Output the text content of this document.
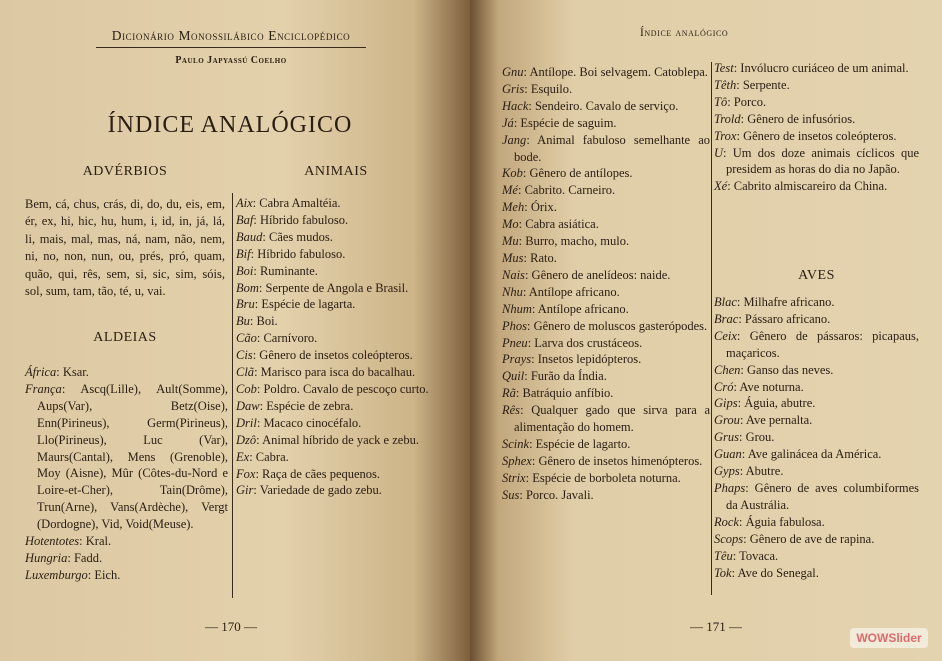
Dicionário Monossilábico Enciclopédico
Paulo Japyassú Coelho
ÍNDICE ANALÓGICO
ADVÉRBIOS
Bem, cá, chus, crás, di, do, du, eis, em, ér, ex, hi, hic, hu, hum, i, id, in, já, lá, li, mais, mal, mas, ná, nam, não, nem, ni, no, non, nun, ou, prés, pró, quam, quão, qui, rês, sem, si, sic, sim, sóis, sol, sum, tam, tão, té, u, vai.
ALDEIAS
África: Ksar.
França: Ascq(Lille), Ault(Somme), Aups(Var), Betz(Oise), Enn(Pirineus), Germ(Pirineus), Llo(Pirineus), Luc (Var), Maurs(Cantal), Mens (Grenoble), Moy (Aisne), Mûr (Côtes-du-Nord e Loire-et-Cher), Tain(Drôme), Trun(Arne), Vans(Ardèche), Vergt (Dordogne), Vid, Void(Meuse).
Hotentotes: Kral.
Hungria: Fadd.
Luxemburgo: Eich.
ANIMAIS
Aix: Cabra Amaltéia.
Baf: Híbrido fabuloso.
Baud: Cães mudos.
Bif: Híbrido fabuloso.
Boi: Ruminante.
Bom: Serpente de Angola e Brasil.
Bru: Espécie de lagarta.
Bu: Boi.
Cão: Carnívoro.
Cis: Gênero de insetos coleópteros.
Clã: Marisco para isca do bacalhau.
Cob: Poldro. Cavalo de pescoço curto.
Daw: Espécie de zebra.
Dril: Macaco cinocéfalo.
Dzô: Animal híbrido de yack e zebu.
Ex: Cabra.
Fox: Raça de cães pequenos.
Gir: Variedade de gado zebu.
— 170 —
Índice analógico
Gnu: Antílope. Boi selvagem. Catoblepa.
Gris: Esquilo.
Hack: Sendeiro. Cavalo de serviço.
Já: Espécie de saguim.
Jang: Animal fabuloso semelhante ao bode.
Kob: Gênero de antílopes.
Mé: Cabrito. Carneiro.
Meh: Órix.
Mo: Cabra asiática.
Mu: Burro, macho, mulo.
Mus: Rato.
Nais: Gênero de anelídeos: naide.
Nhu: Antílope africano.
Nhum: Antílope africano.
Phos: Gênero de moluscos gasterópodes.
Pneu: Larva dos crustáceos.
Prays: Insetos lepidópteros.
Quil: Furão da Índia.
Rã: Batráquio anfíbio.
Rês: Qualquer gado que sirva para a alimentação do homem.
Scink: Espécie de lagarto.
Sphex: Gênero de insetos himenópteros.
Strix: Espécie de borboleta noturna.
Sus: Porco. Javali.
Test: Invólucro curiáceo de um animal.
Têth: Serpente.
Tô: Porco.
Trold: Gênero de infusórios.
Trox: Gênero de insetos coleópteros.
U: Um dos doze animais cíclicos que presidem as horas do dia no Japão.
Xé: Cabrito almiscareiro da China.
AVES
Blac: Milhafre africano.
Brac: Pássaro africano.
Ceix: Gênero de pássaros: picapaus, maçaricos.
Chen: Ganso das neves.
Cró: Ave noturna.
Gips: Águia, abutre.
Grou: Ave pernalta.
Grus: Grou.
Guan: Ave galinácea da América.
Gyps: Abutre.
Phaps: Gênero de aves columbiformes da Austrália.
Rock: Águia fabulosa.
Scops: Gênero de ave de rapina.
Têu: Tovaca.
Tok: Ave do Senegal.
— 171 —
WOWSlider
